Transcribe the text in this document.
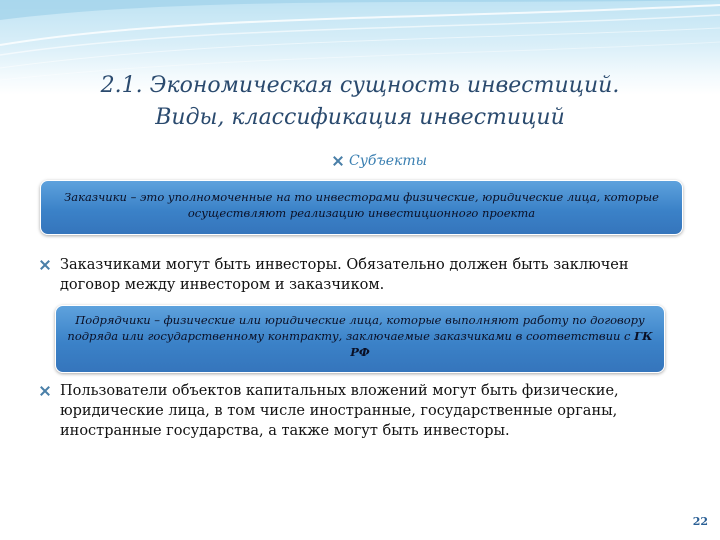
2.1. Экономическая сущность инвестиций.
Виды, классификация инвестиций
Субъекты
Заказчики – это уполномоченные на то инвесторами физические, юридические лица, которые осуществляют реализацию инвестиционного проекта
Заказчиками могут быть инвесторы. Обязательно должен быть заключен договор между инвестором и заказчиком.
Подрядчики – физические или юридические лица, которые выполняют работу по договору подряда или государственному контракту, заключаемые заказчиками в соответствии с ГК РФ
Пользователи объектов капитальных вложений могут быть физические, юридические лица, в том числе иностранные, государственные органы, иностранные государства, а также могут быть инвесторы.
22
